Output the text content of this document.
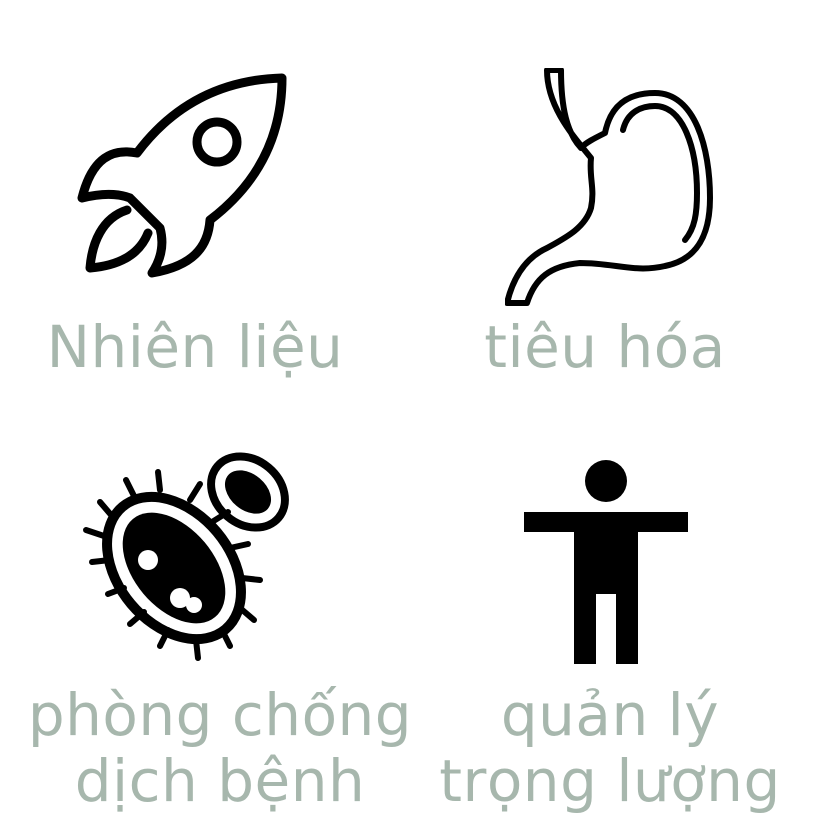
Nhiên liệu	tiêu hóa
phòng chống
dịch bệnh
quản lý
trọng lượng
